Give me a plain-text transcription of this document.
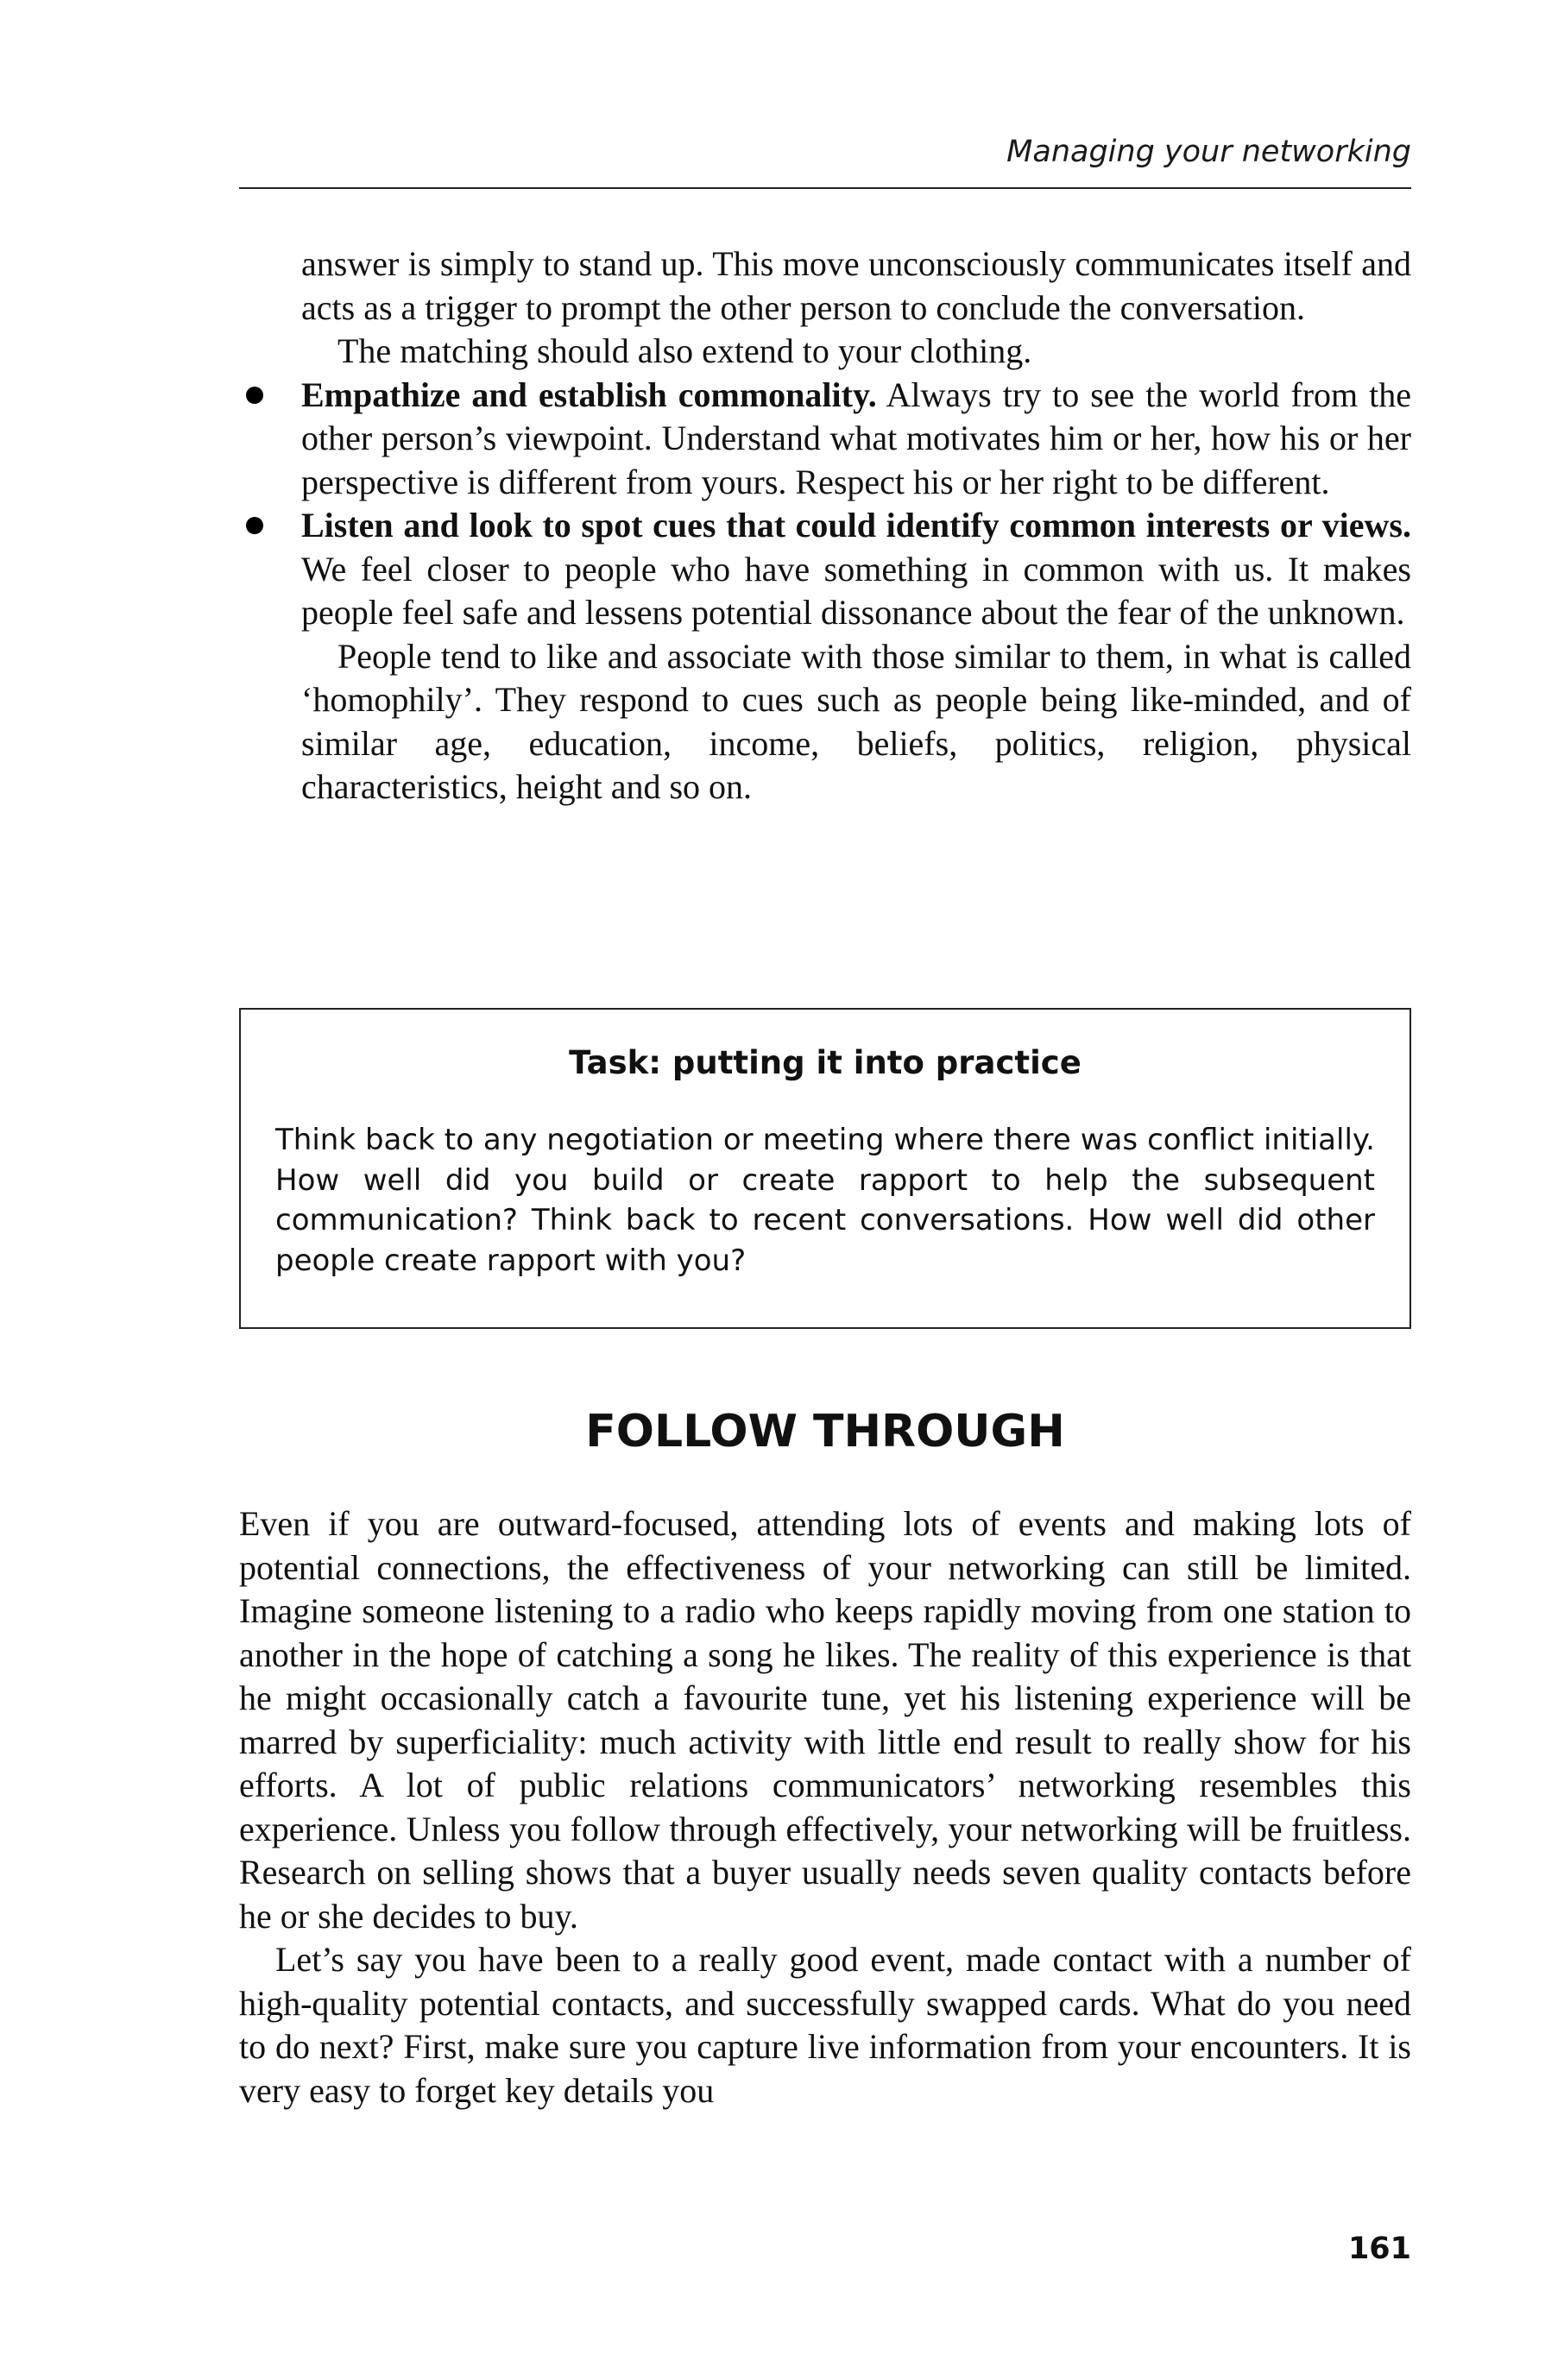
Managing your networking

answer is simply to stand up. This move unconsciously communicates itself and acts as a trigger to prompt the other person to conclude the conversation.

The matching should also extend to your clothing.

Empathize and establish commonality. Always try to see the world from the other person’s viewpoint. Understand what motivates him or her, how his or her perspective is different from yours. Respect his or her right to be different.

Listen and look to spot cues that could identify common interests or views. We feel closer to people who have something in common with us. It makes people feel safe and lessens potential dissonance about the fear of the unknown.

People tend to like and associate with those similar to them, in what is called ‘homophily’. They respond to cues such as people being like-minded, and of similar age, education, income, beliefs, politics, religion, physical characteristics, height and so on.

Task: putting it into practice

Think back to any negotiation or meeting where there was conflict initially. How well did you build or create rapport to help the subsequent communication? Think back to recent conversations. How well did other people create rapport with you?

FOLLOW THROUGH

Even if you are outward-focused, attending lots of events and making lots of potential connections, the effectiveness of your networking can still be limited. Imagine someone listening to a radio who keeps rapidly moving from one station to another in the hope of catching a song he likes. The reality of this experience is that he might occasionally catch a favourite tune, yet his listening experience will be marred by superficiality: much activity with little end result to really show for his efforts. A lot of public relations communicators’ networking resembles this experience. Unless you follow through effectively, your networking will be fruitless. Research on selling shows that a buyer usually needs seven quality contacts before he or she decides to buy.

Let’s say you have been to a really good event, made contact with a number of high-quality potential contacts, and successfully swapped cards. What do you need to do next? First, make sure you capture live information from your encounters. It is very easy to forget key details you

161
